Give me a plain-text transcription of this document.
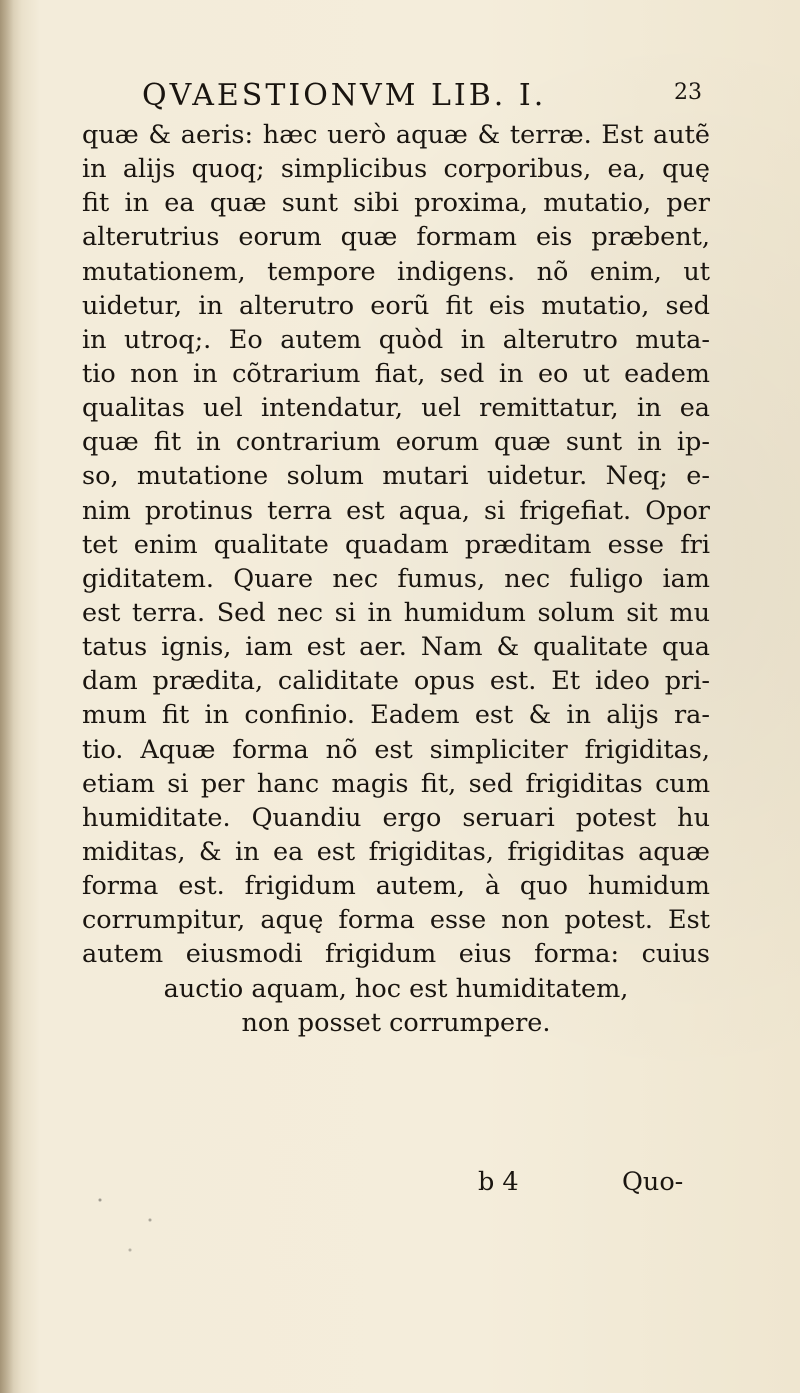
QVAESTIONVM LIB. I.	23
quæ & aeris: hæc uerò aquæ & terræ. Est autẽ
in alijs quoq; simplicibus corporibus, ea, quę
fit in ea quæ sunt sibi proxima, mutatio, per
alterutrius eorum quæ formam eis præbent,
mutationem, tempore indigens. nõ enim, ut
uidetur, in alterutro eorũ fit eis mutatio, sed
in utroq;. Eo autem quòd in alterutro muta-
tio non in cõtrarium fiat, sed in eo ut eadem
qualitas uel intendatur, uel remittatur, in ea
quæ fit in contrarium eorum quæ sunt in ip-
so, mutatione solum mutari uidetur. Neq; e-
nim protinus terra est aqua, si frigefiat. Opor
tet enim qualitate quadam præditam esse fri
giditatem. Quare nec fumus, nec fuligo iam
est terra. Sed nec si in humidum solum sit mu
tatus ignis, iam est aer. Nam & qualitate qua
dam prædita, caliditate opus est. Et ideo pri-
mum fit in confinio. Eadem est & in alijs ra-
tio. Aquæ forma nõ est simpliciter frigiditas,
etiam si per hanc magis fit, sed frigiditas cum
humiditate. Quandiu ergo seruari potest hu
miditas, & in ea est frigiditas, frigiditas aquæ
forma est. frigidum autem, à quo humidum
corrumpitur, aquę forma esse non potest. Est
autem eiusmodi frigidum eius forma: cuius
auctio aquam, hoc est humiditatem,
non posset corrumpere.
b 4	Quo-
